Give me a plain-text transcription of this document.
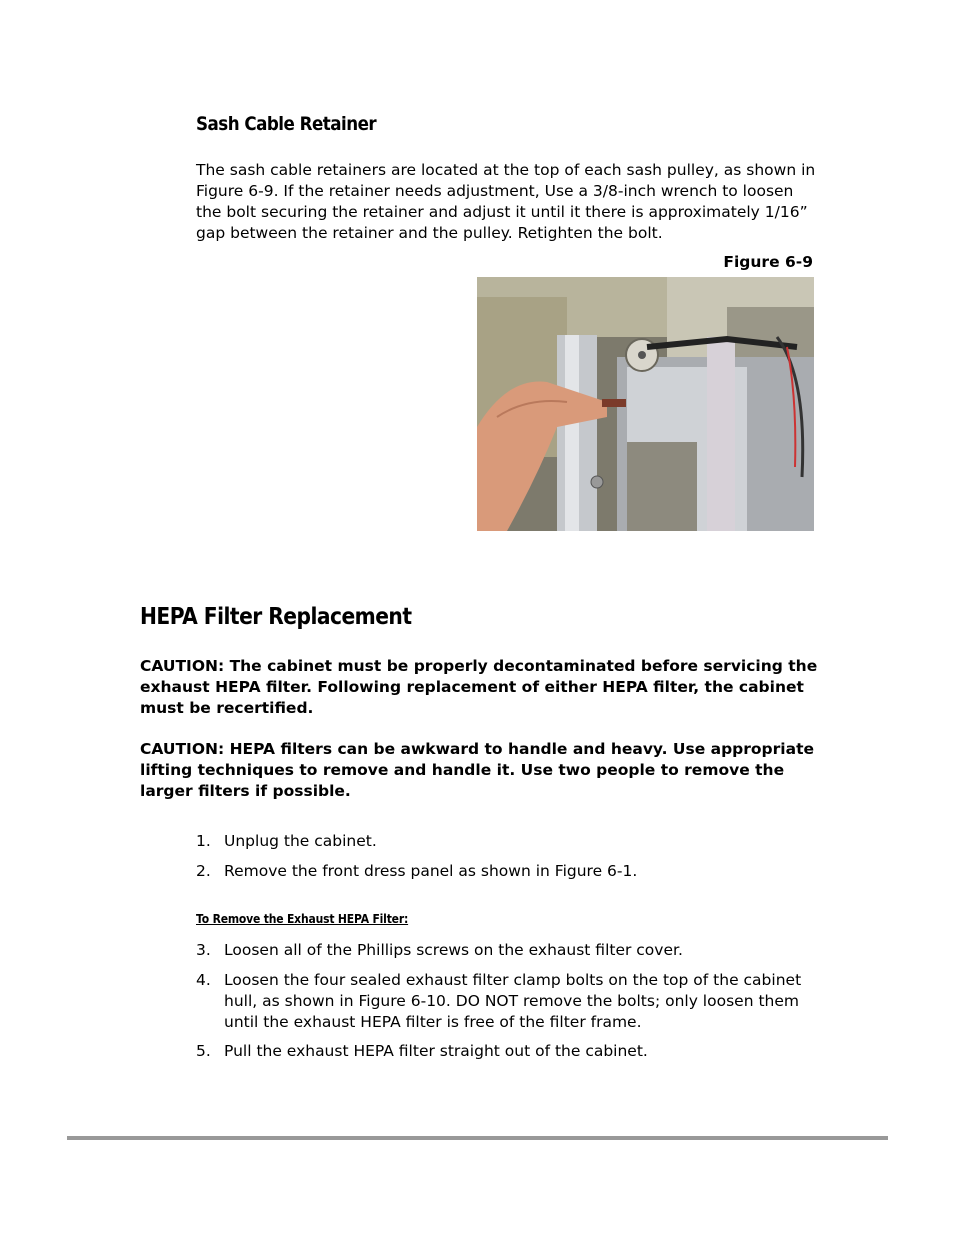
Sash Cable Retainer
The sash cable retainers are located at the top of each sash pulley, as shown in Figure 6-9. If the retainer needs adjustment, Use a 3/8-inch wrench to loosen the bolt securing the retainer and adjust it until it there is approximately 1/16” gap between the retainer and the pulley. Retighten the bolt.
Figure 6-9
HEPA Filter Replacement
CAUTION: The cabinet must be properly decontaminated before servicing the exhaust HEPA filter. Following replacement of either HEPA filter, the cabinet must be recertified.
CAUTION: HEPA filters can be awkward to handle and heavy. Use appropriate lifting techniques to remove and handle it. Use two people to remove the larger filters if possible.
1. Unplug the cabinet.
2. Remove the front dress panel as shown in Figure 6-1.
To Remove the Exhaust HEPA Filter:
3. Loosen all of the Phillips screws on the exhaust filter cover.
4. Loosen the four sealed exhaust filter clamp bolts on the top of the cabinet hull, as shown in Figure 6-10. DO NOT remove the bolts; only loosen them until the exhaust HEPA filter is free of the filter frame.
5. Pull the exhaust HEPA filter straight out of the cabinet.
